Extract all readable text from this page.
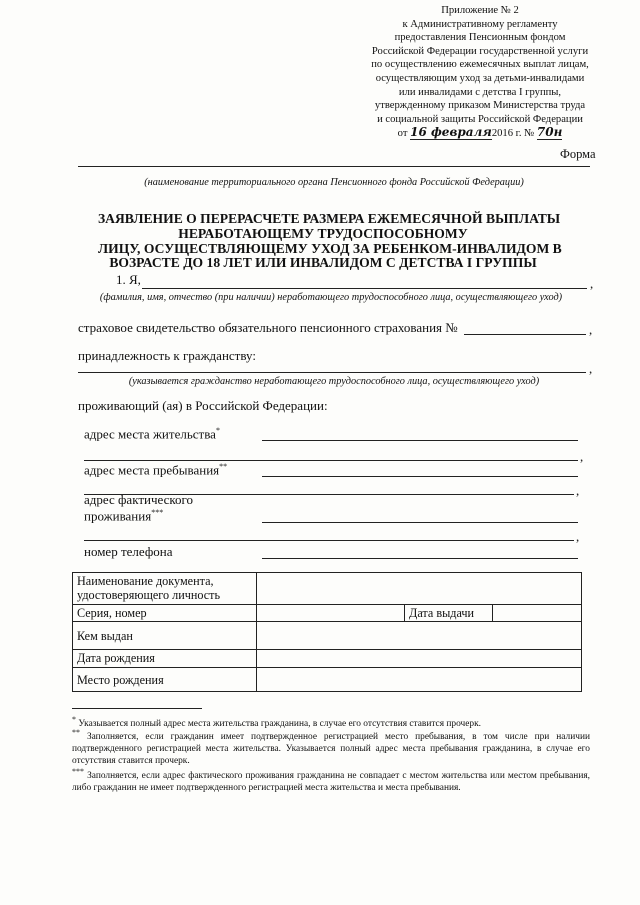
Приложение № 2
к Административному регламенту
предоставления Пенсионным фондом
Российской Федерации государственной услуги
по осуществлению ежемесячных выплат лицам,
осуществляющим уход за детьми-инвалидами
или инвалидами с детства I группы,
утвержденному приказом Министерства труда
и социальной защиты Российской Федерации
от 16 февраля2016 г. № 70н
Форма
(наименование территориального органа Пенсионного фонда Российской Федерации)
ЗАЯВЛЕНИЕ О ПЕРЕРАСЧЕТЕ РАЗМЕРА ЕЖЕМЕСЯЧНОЙ ВЫПЛАТЫ
НЕРАБОТАЮЩЕМУ ТРУДОСПОСОБНОМУ
ЛИЦУ, ОСУЩЕСТВЛЯЮЩЕМУ УХОД ЗА РЕБЕНКОМ-ИНВАЛИДОМ В
ВОЗРАСТЕ ДО 18 ЛЕТ ИЛИ ИНВАЛИДОМ С ДЕТСТВА I ГРУППЫ
1. Я,	,
(фамилия, имя, отчество (при наличии) неработающего трудоспособного лица, осуществляющего уход)
страховое свидетельство обязательного пенсионного страхования №	,
принадлежность к гражданству:
,
(указывается гражданство неработающего трудоспособного лица, осуществляющего уход)
проживающий (ая) в Российской Федерации:
адрес места жительства*
,
адрес места пребывания**
,
адрес фактического
проживания***
,
номер телефона
Наименование документа,
удостоверяющего личность			
Серия, номер		Дата выдачи	
Кем выдан			
Дата рождения			
Место рождения			
* Указывается полный адрес места жительства гражданина, в случае его отсутствия ставится прочерк.
** Заполняется, если гражданин имеет подтвержденное регистрацией место пребывания, в том числе при наличии подтвержденного регистрацией места жительства. Указывается полный адрес места пребывания гражданина, в случае его отсутствия ставится прочерк.
*** Заполняется, если адрес фактического проживания гражданина не совпадает с местом жительства или местом пребывания, либо гражданин не имеет подтвержденного регистрацией места жительства и места пребывания.
